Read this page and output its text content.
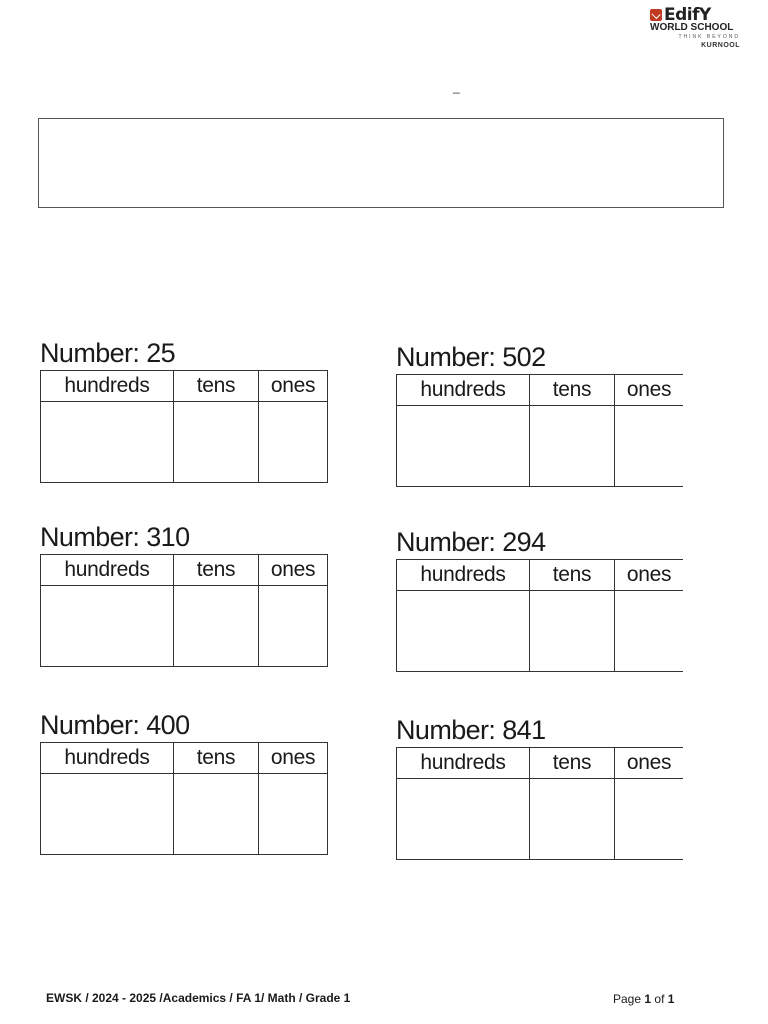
EdifY
WORLD SCHOOL
THINK BEYOND
KURNOOL
_
Number: 25
hundreds	tens	ones

Number: 502
hundreds	tens	ones

Number: 310
hundreds	tens	ones

Number: 294
hundreds	tens	ones

Number: 400
hundreds	tens	ones

Number: 841
hundreds	tens	ones

EWSK / 2024 - 2025 /Academics / FA 1/ Math / Grade 1	Page 1 of 1
